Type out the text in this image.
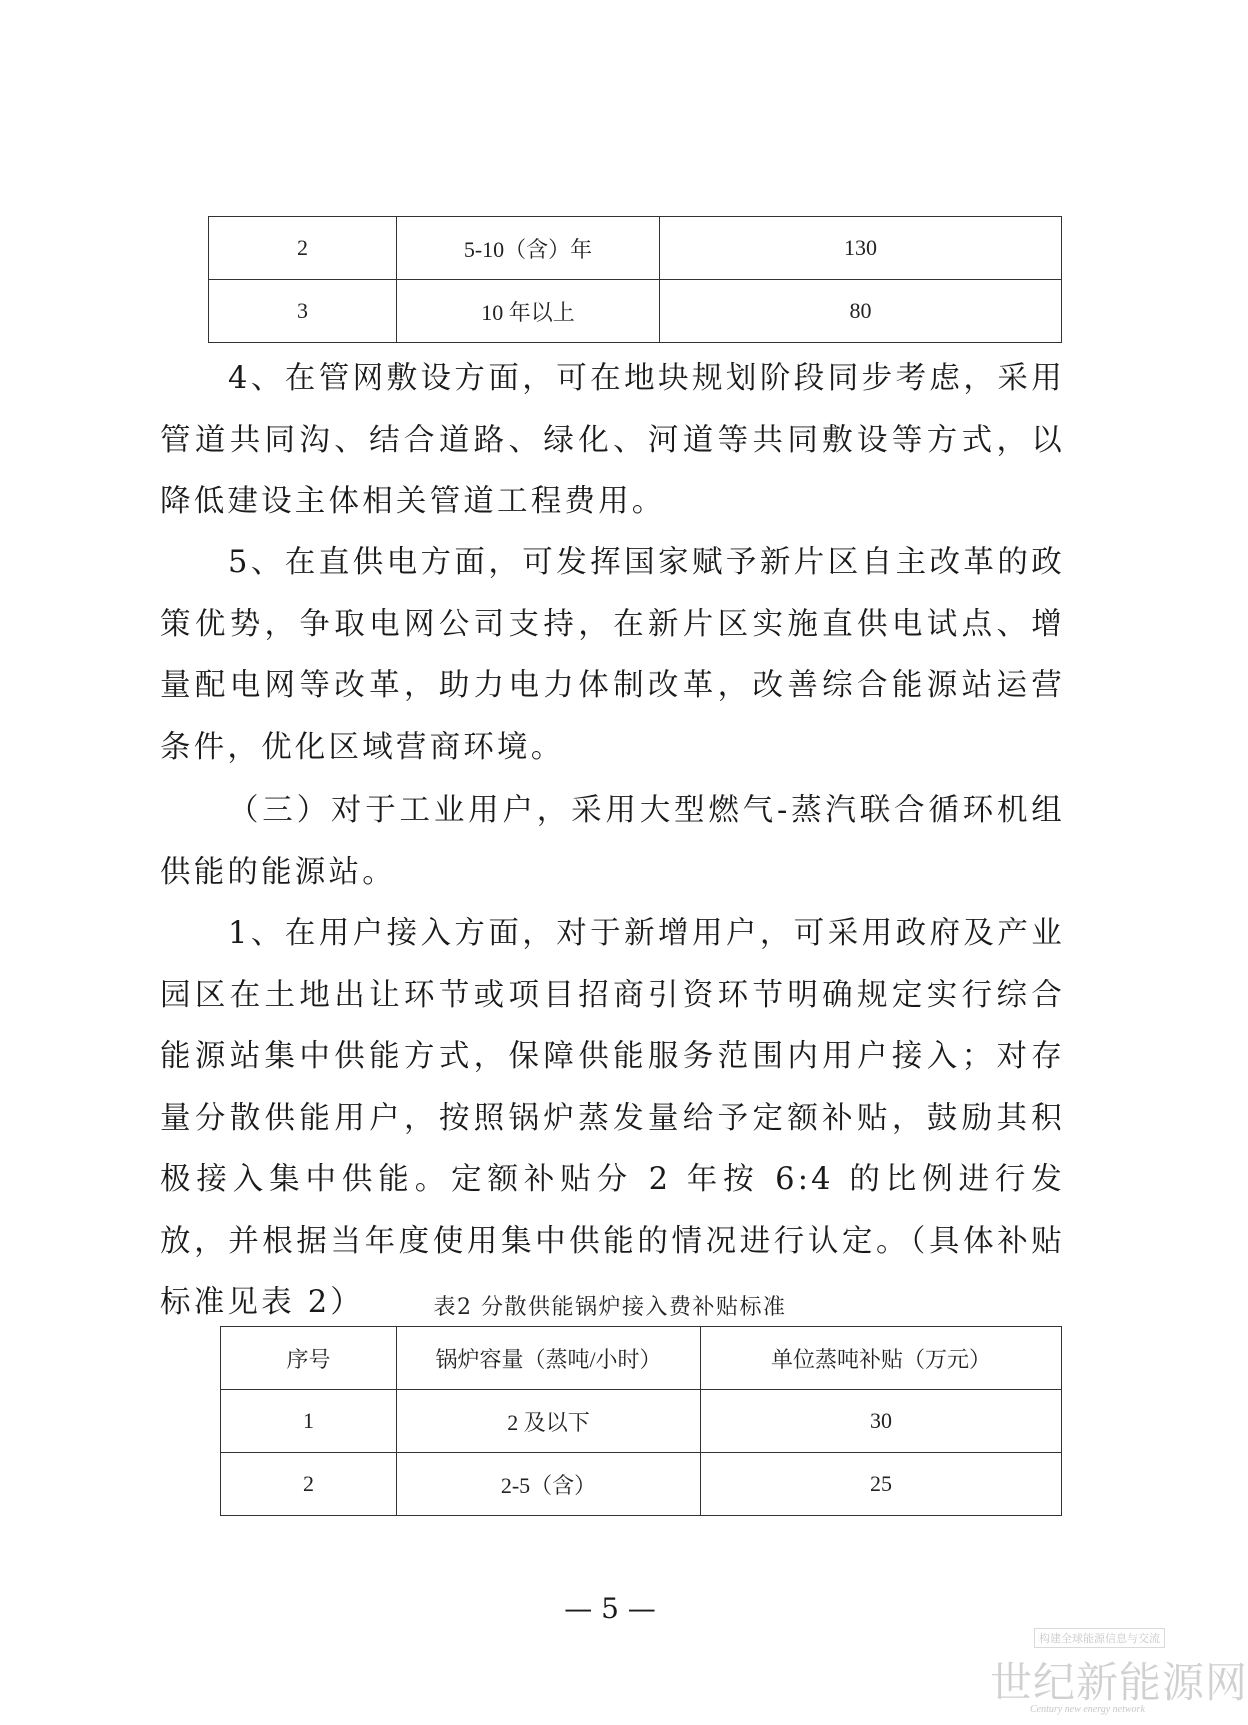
2	5-10（含）年	130
3	10 年以上	80

4、在管网敷设方面，可在地块规划阶段同步考虑，采用管道共同沟、结合道路、绿化、河道等共同敷设等方式，以降低建设主体相关管道工程费用。

5、在直供电方面，可发挥国家赋予新片区自主改革的政策优势，争取电网公司支持，在新片区实施直供电试点、增量配电网等改革，助力电力体制改革，改善综合能源站运营条件，优化区域营商环境。

（三）对于工业用户，采用大型燃气-蒸汽联合循环机组供能的能源站。

1、在用户接入方面，对于新增用户，可采用政府及产业园区在土地出让环节或项目招商引资环节明确规定实行综合能源站集中供能方式，保障供能服务范围内用户接入；对存量分散供能用户，按照锅炉蒸发量给予定额补贴，鼓励其积极接入集中供能。定额补贴分 2 年按 6:4 的比例进行发放，并根据当年度使用集中供能的情况进行认定。（具体补贴标准见表 2）	表2 分散供能锅炉接入费补贴标准
序号	锅炉容量（蒸吨/小时）	单位蒸吨补贴（万元）
1	2 及以下	30
2	2-5（含）	25
— 5 —
构建全球能源信息与交流
世纪新能源网
Century new energy network
